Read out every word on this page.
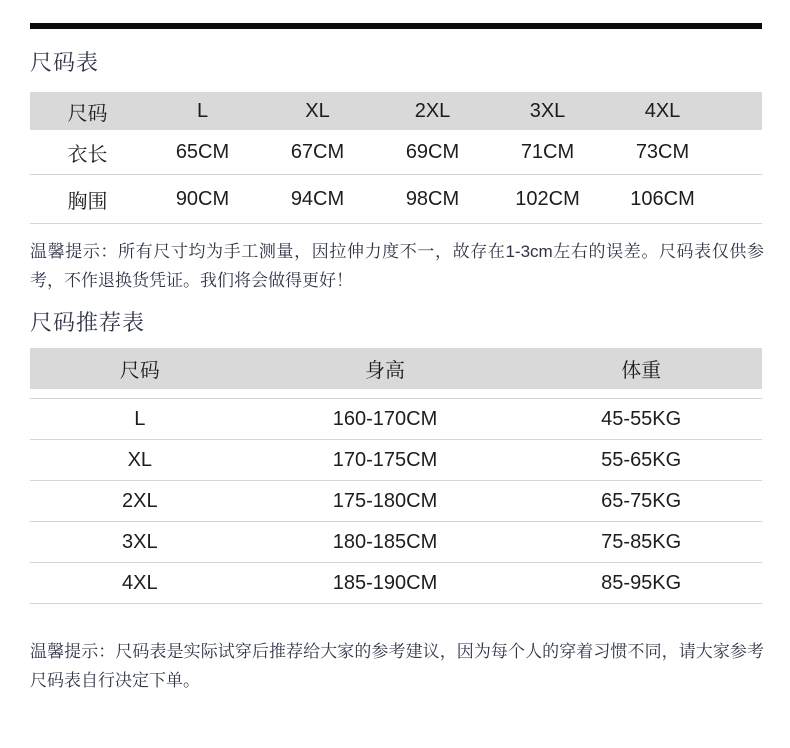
尺码表
尺码	L	XL	2XL	3XL	4XL
衣长	65CM	67CM	69CM	71CM	73CM
胸围	90CM	94CM	98CM	102CM	106CM
温馨提示：所有尺寸均为手工测量，因拉伸力度不一，故存在1-3cm左右的误差。尺码表仅供参考，不作退换货凭证。我们将会做得更好！
尺码推荐表
尺码	身高	体重
L	160-170CM	45-55KG
XL	170-175CM	55-65KG
2XL	175-180CM	65-75KG
3XL	180-185CM	75-85KG
4XL	185-190CM	85-95KG
温馨提示：尺码表是实际试穿后推荐给大家的参考建议，因为每个人的穿着习惯不同，请大家参考尺码表自行决定下单。
